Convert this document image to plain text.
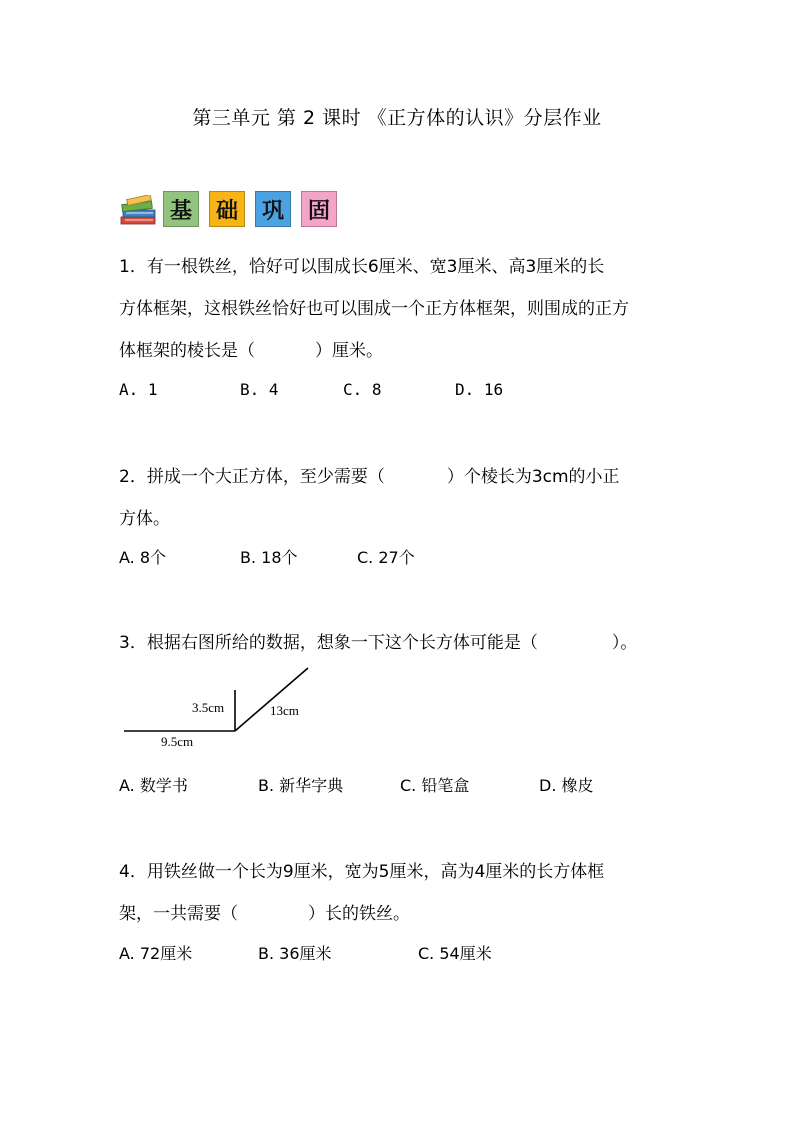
第三单元 第 2 课时 《正方体的认识》分层作业
基	础	巩	固
1．有一根铁丝，恰好可以围成长6厘米、宽3厘米、高3厘米的长
方体框架，这根铁丝恰好也可以围成一个正方体框架，则围成的正方
体框架的棱长是（	）厘米。
A. 1	B. 4	C. 8	D. 16
2．拼成一个大正方体，至少需要（	）个棱长为3cm的小正
方体。
A. 8个	B. 18个	C. 27个
3．根据右图所给的数据，想象一下这个长方体可能是（	）。
3.5cm	13cm
9.5cm
A. 数学书	B. 新华字典	C. 铅笔盒	D. 橡皮
4．用铁丝做一个长为9厘米，宽为5厘米，高为4厘米的长方体框
架，一共需要（	）长的铁丝。
A. 72厘米	B. 36厘米	C. 54厘米
